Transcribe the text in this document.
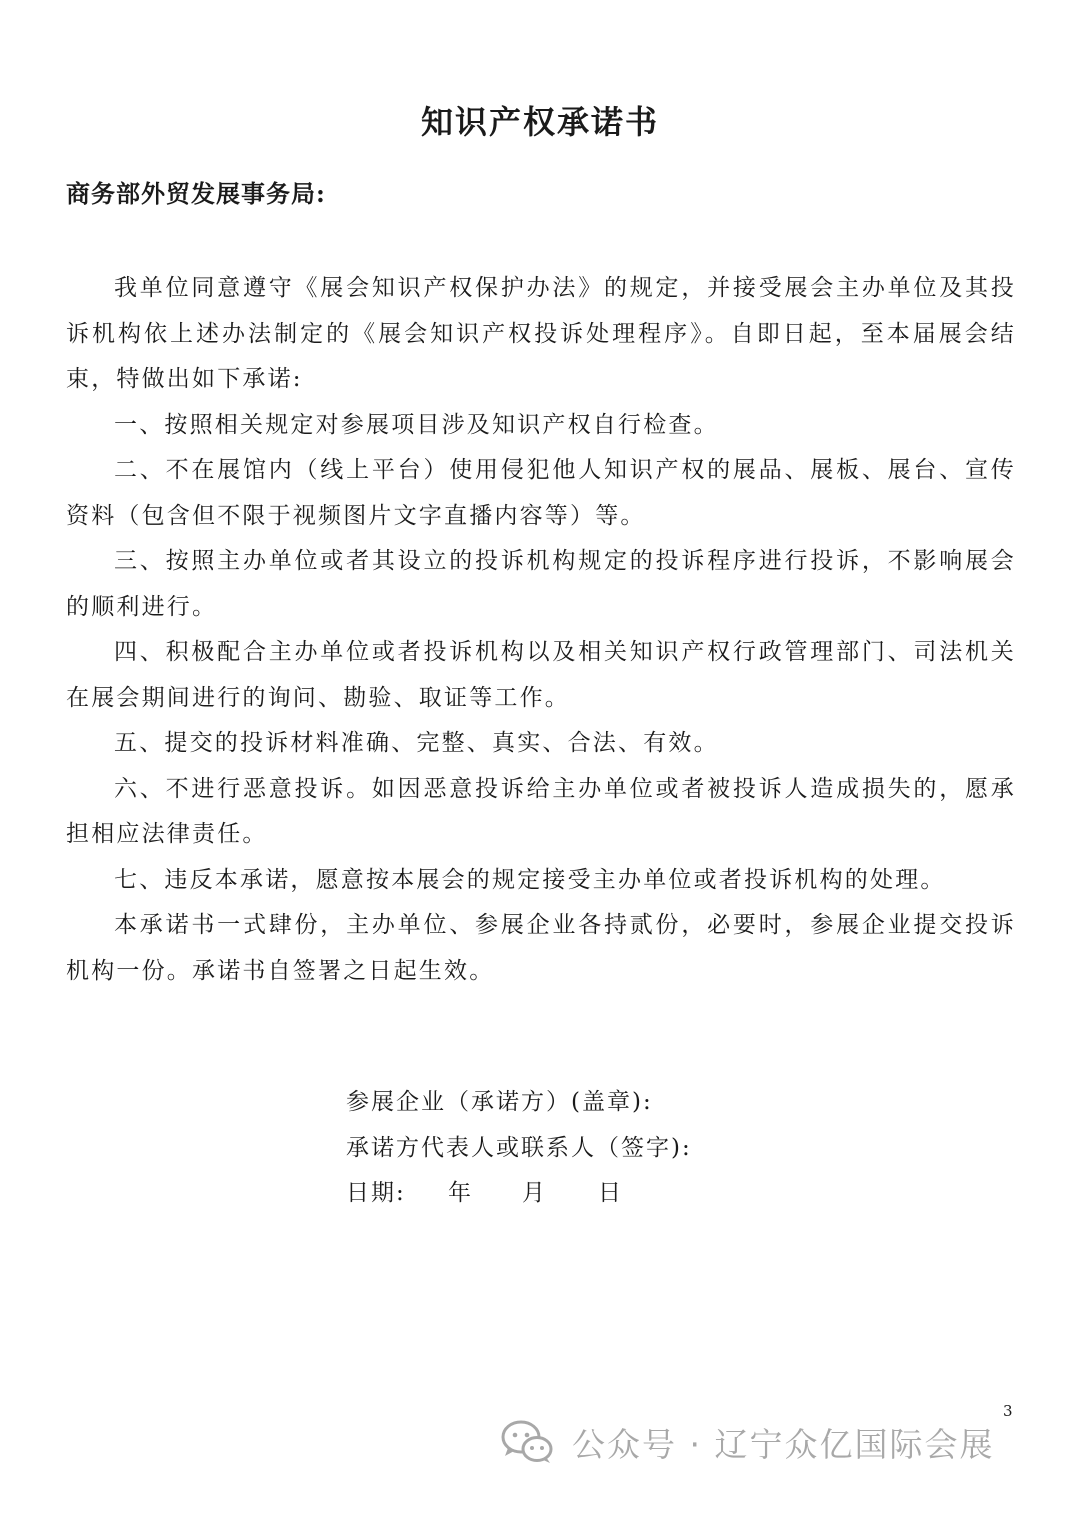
知识产权承诺书
商务部外贸发展事务局:

我单位同意遵守《展会知识产权保护办法》的规定，并接受展会主办单位及其投诉机构依上述办法制定的《展会知识产权投诉处理程序》。自即日起，至本届展会结束，特做出如下承诺:

一、按照相关规定对参展项目涉及知识产权自行检查。

二、不在展馆内（线上平台）使用侵犯他人知识产权的展品、展板、展台、宣传资料（包含但不限于视频图片文字直播内容等）等。

三、按照主办单位或者其设立的投诉机构规定的投诉程序进行投诉，不影响展会的顺利进行。

四、积极配合主办单位或者投诉机构以及相关知识产权行政管理部门、司法机关在展会期间进行的询问、勘验、取证等工作。

五、提交的投诉材料准确、完整、真实、合法、有效。

六、不进行恶意投诉。如因恶意投诉给主办单位或者被投诉人造成损失的，愿承担相应法律责任。

七、违反本承诺，愿意按本展会的规定接受主办单位或者投诉机构的处理。

本承诺书一式肆份，主办单位、参展企业各持贰份，必要时，参展企业提交投诉机构一份。承诺书自签署之日起生效。

参展企业（承诺方）(盖章):
承诺方代表人或联系人（签字):
日期: 年 月 日
3
公众号 · 辽宁众亿国际会展
